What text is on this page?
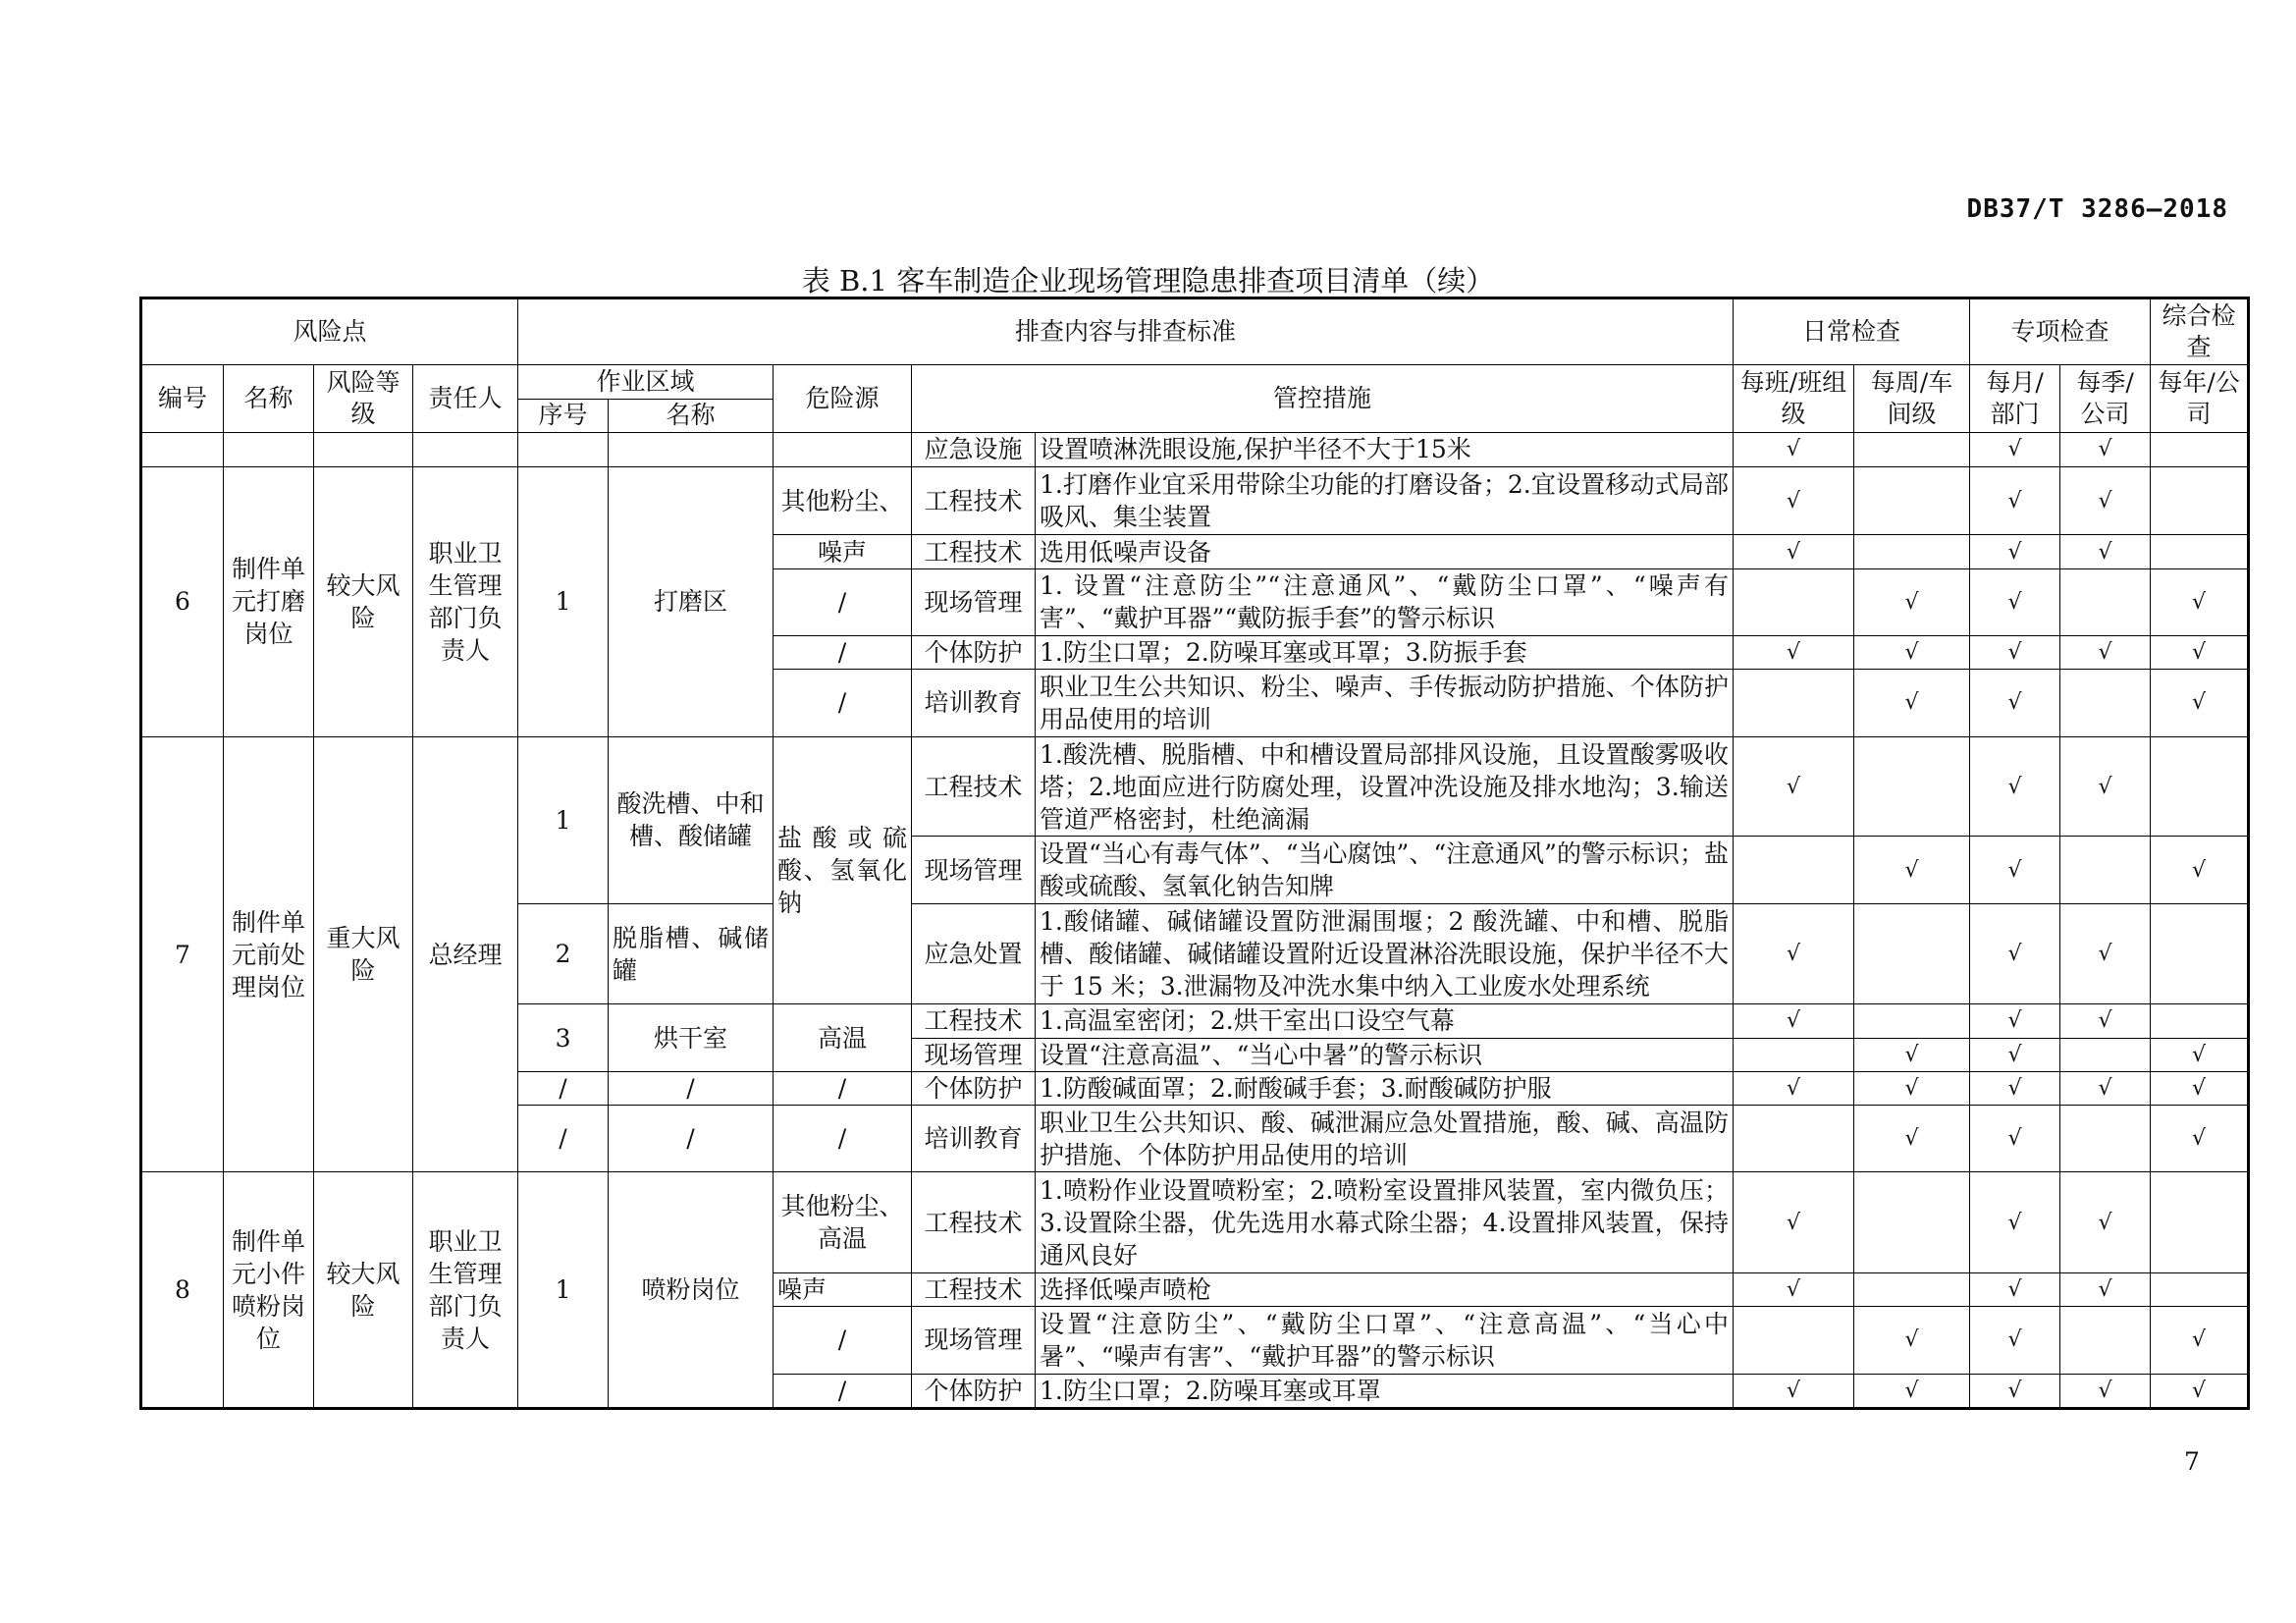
DB37/T 3286—2018
表 B.1 客车制造企业现场管理隐患排查项目清单（续）
风险点				排查内容与排查标准					日常检查		专项检查		综合检查
编号	名称	风险等级	责任人	作业区域		危险源	管控措施		每班/班组级	每周/车间级	每月/部门	每季/公司	每年/公司
				序号	名称								
							应急设施	设置喷淋洗眼设施,保护半径不大于15米	√		√	√	
6	制件单元打磨岗位	较大风险	职业卫生管理部门负责人	1	打磨区	其他粉尘、	工程技术	1.打磨作业宜采用带除尘功能的打磨设备；2.宜设置移动式局部吸风、集尘装置	√		√	√	
						噪声	工程技术	选用低噪声设备	√		√	√	
						/	现场管理	1. 设置“注意防尘”“注意通风”、“戴防尘口罩”、“噪声有害”、“戴护耳器”“戴防振手套”的警示标识		√	√		√
						/	个体防护	1.防尘口罩；2.防噪耳塞或耳罩；3.防振手套	√	√	√	√	√
						/	培训教育	职业卫生公共知识、粉尘、噪声、手传振动防护措施、个体防护用品使用的培训		√	√		√
7	制件单元前处理岗位	重大风险	总经理	1	酸洗槽、中和槽、酸储罐	盐酸或硫酸、氢氧化钠	工程技术	1.酸洗槽、脱脂槽、中和槽设置局部排风设施，且设置酸雾吸收塔；2.地面应进行防腐处理，设置冲洗设施及排水地沟；3.输送管道严格密封，杜绝滴漏	√		√	√	
							现场管理	设置“当心有毒气体”、“当心腐蚀”、“注意通风”的警示标识；盐酸或硫酸、氢氧化钠告知牌		√	√		√
				2	脱脂槽、碱储罐		应急处置	1.酸储罐、碱储罐设置防泄漏围堰；2 酸洗罐、中和槽、脱脂槽、酸储罐、碱储罐设置附近设置淋浴洗眼设施，保护半径不大于 15 米；3.泄漏物及冲洗水集中纳入工业废水处理系统	√		√	√	
				3	烘干室	高温	工程技术	1.高温室密闭；2.烘干室出口设空气幕	√		√	√	
							现场管理	设置“注意高温”、“当心中暑”的警示标识		√	√		√
				/	/	/	个体防护	1.防酸碱面罩；2.耐酸碱手套；3.耐酸碱防护服	√	√	√	√	√
				/	/	/	培训教育	职业卫生公共知识、酸、碱泄漏应急处置措施，酸、碱、高温防护措施、个体防护用品使用的培训		√	√		√
8	制件单元小件喷粉岗位	较大风险	职业卫生管理部门负责人	1	喷粉岗位	其他粉尘、高温	工程技术	1.喷粉作业设置喷粉室；2.喷粉室设置排风装置，室内微负压；3.设置除尘器，优先选用水幕式除尘器；4.设置排风装置，保持通风良好	√		√	√	
						噪声	工程技术	选择低噪声喷枪	√		√	√	
						/	现场管理	设置“注意防尘”、“戴防尘口罩”、“注意高温”、“当心中暑”、“噪声有害”、“戴护耳器”的警示标识		√	√		√
						/	个体防护	1.防尘口罩；2.防噪耳塞或耳罩	√	√	√	√	√
7
